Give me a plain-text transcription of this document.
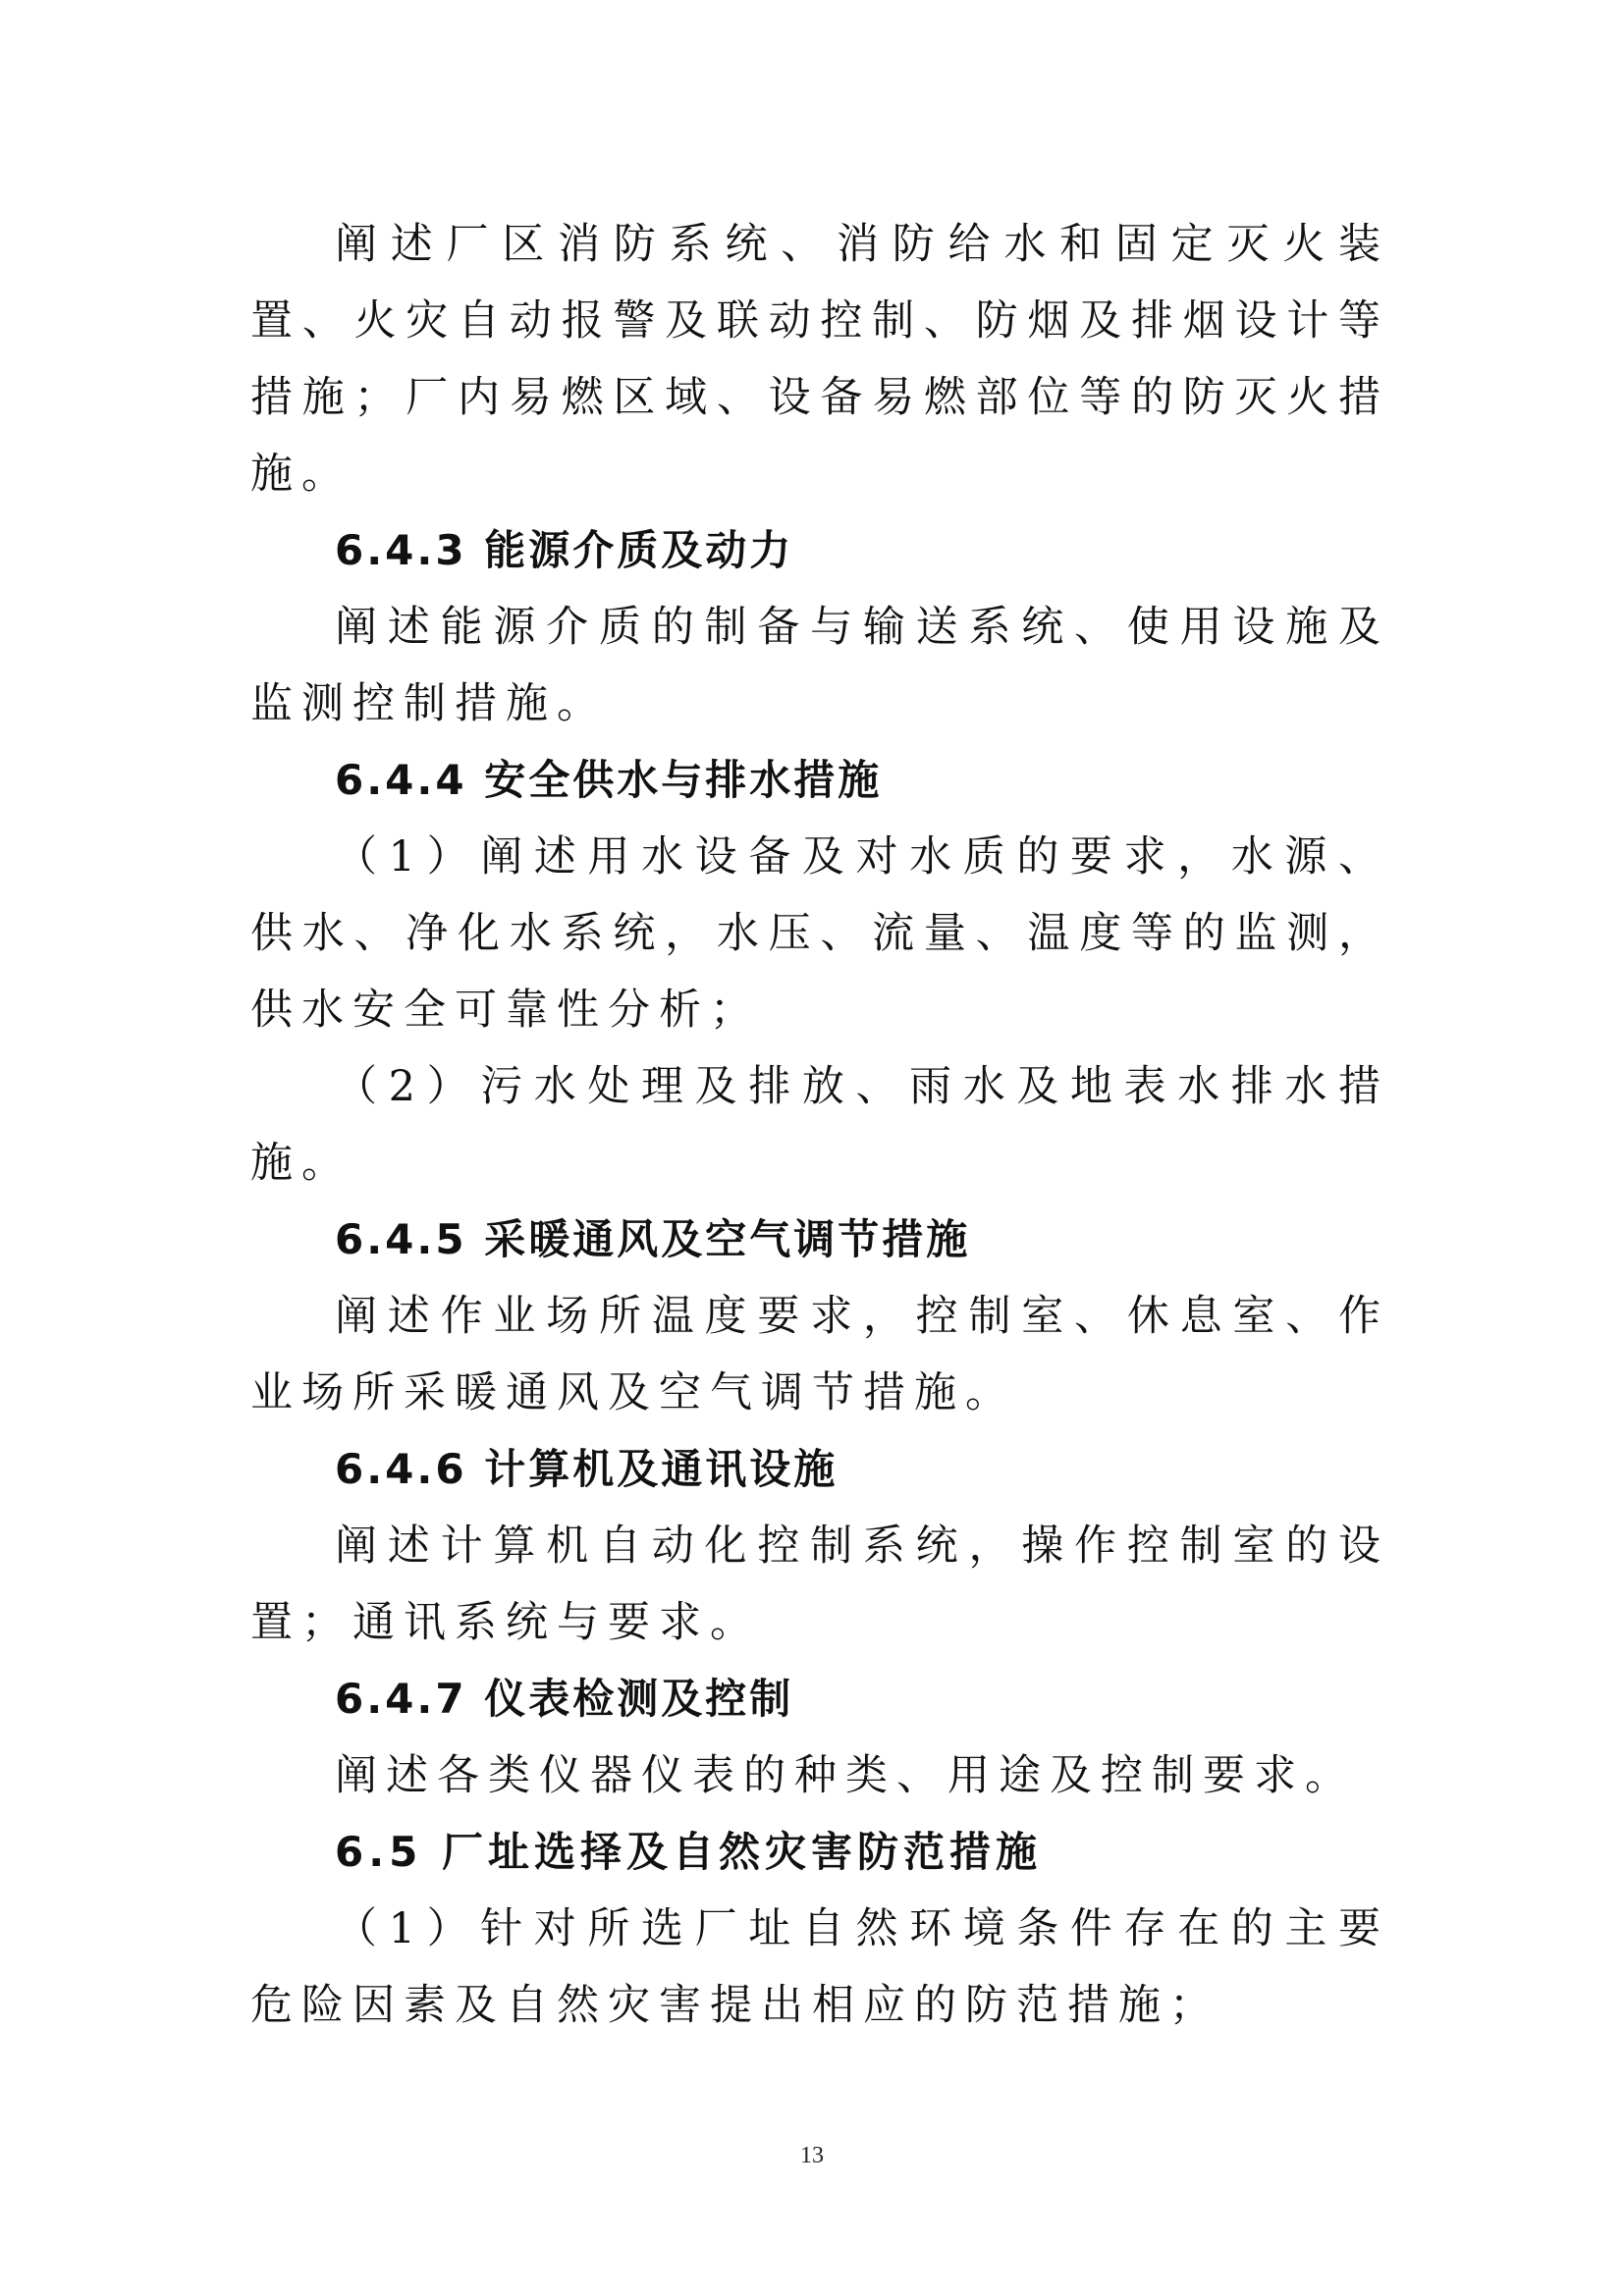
阐述厂区消防系统、消防给水和固定灭火装置、火灾自动报警及联动控制、防烟及排烟设计等措施；厂内易燃区域、设备易燃部位等的防灭火措施。

6.4.3 能源介质及动力

阐述能源介质的制备与输送系统、使用设施及监测控制措施。

6.4.4 安全供水与排水措施

（1）阐述用水设备及对水质的要求，水源、供水、净化水系统，水压、流量、温度等的监测，供水安全可靠性分析；

（2）污水处理及排放、雨水及地表水排水措施。

6.4.5 采暖通风及空气调节措施

阐述作业场所温度要求，控制室、休息室、作业场所采暖通风及空气调节措施。

6.4.6 计算机及通讯设施

阐述计算机自动化控制系统，操作控制室的设置；通讯系统与要求。

6.4.7 仪表检测及控制

阐述各类仪器仪表的种类、用途及控制要求。

6.5 厂址选择及自然灾害防范措施

（1）针对所选厂址自然环境条件存在的主要危险因素及自然灾害提出相应的防范措施；

13
